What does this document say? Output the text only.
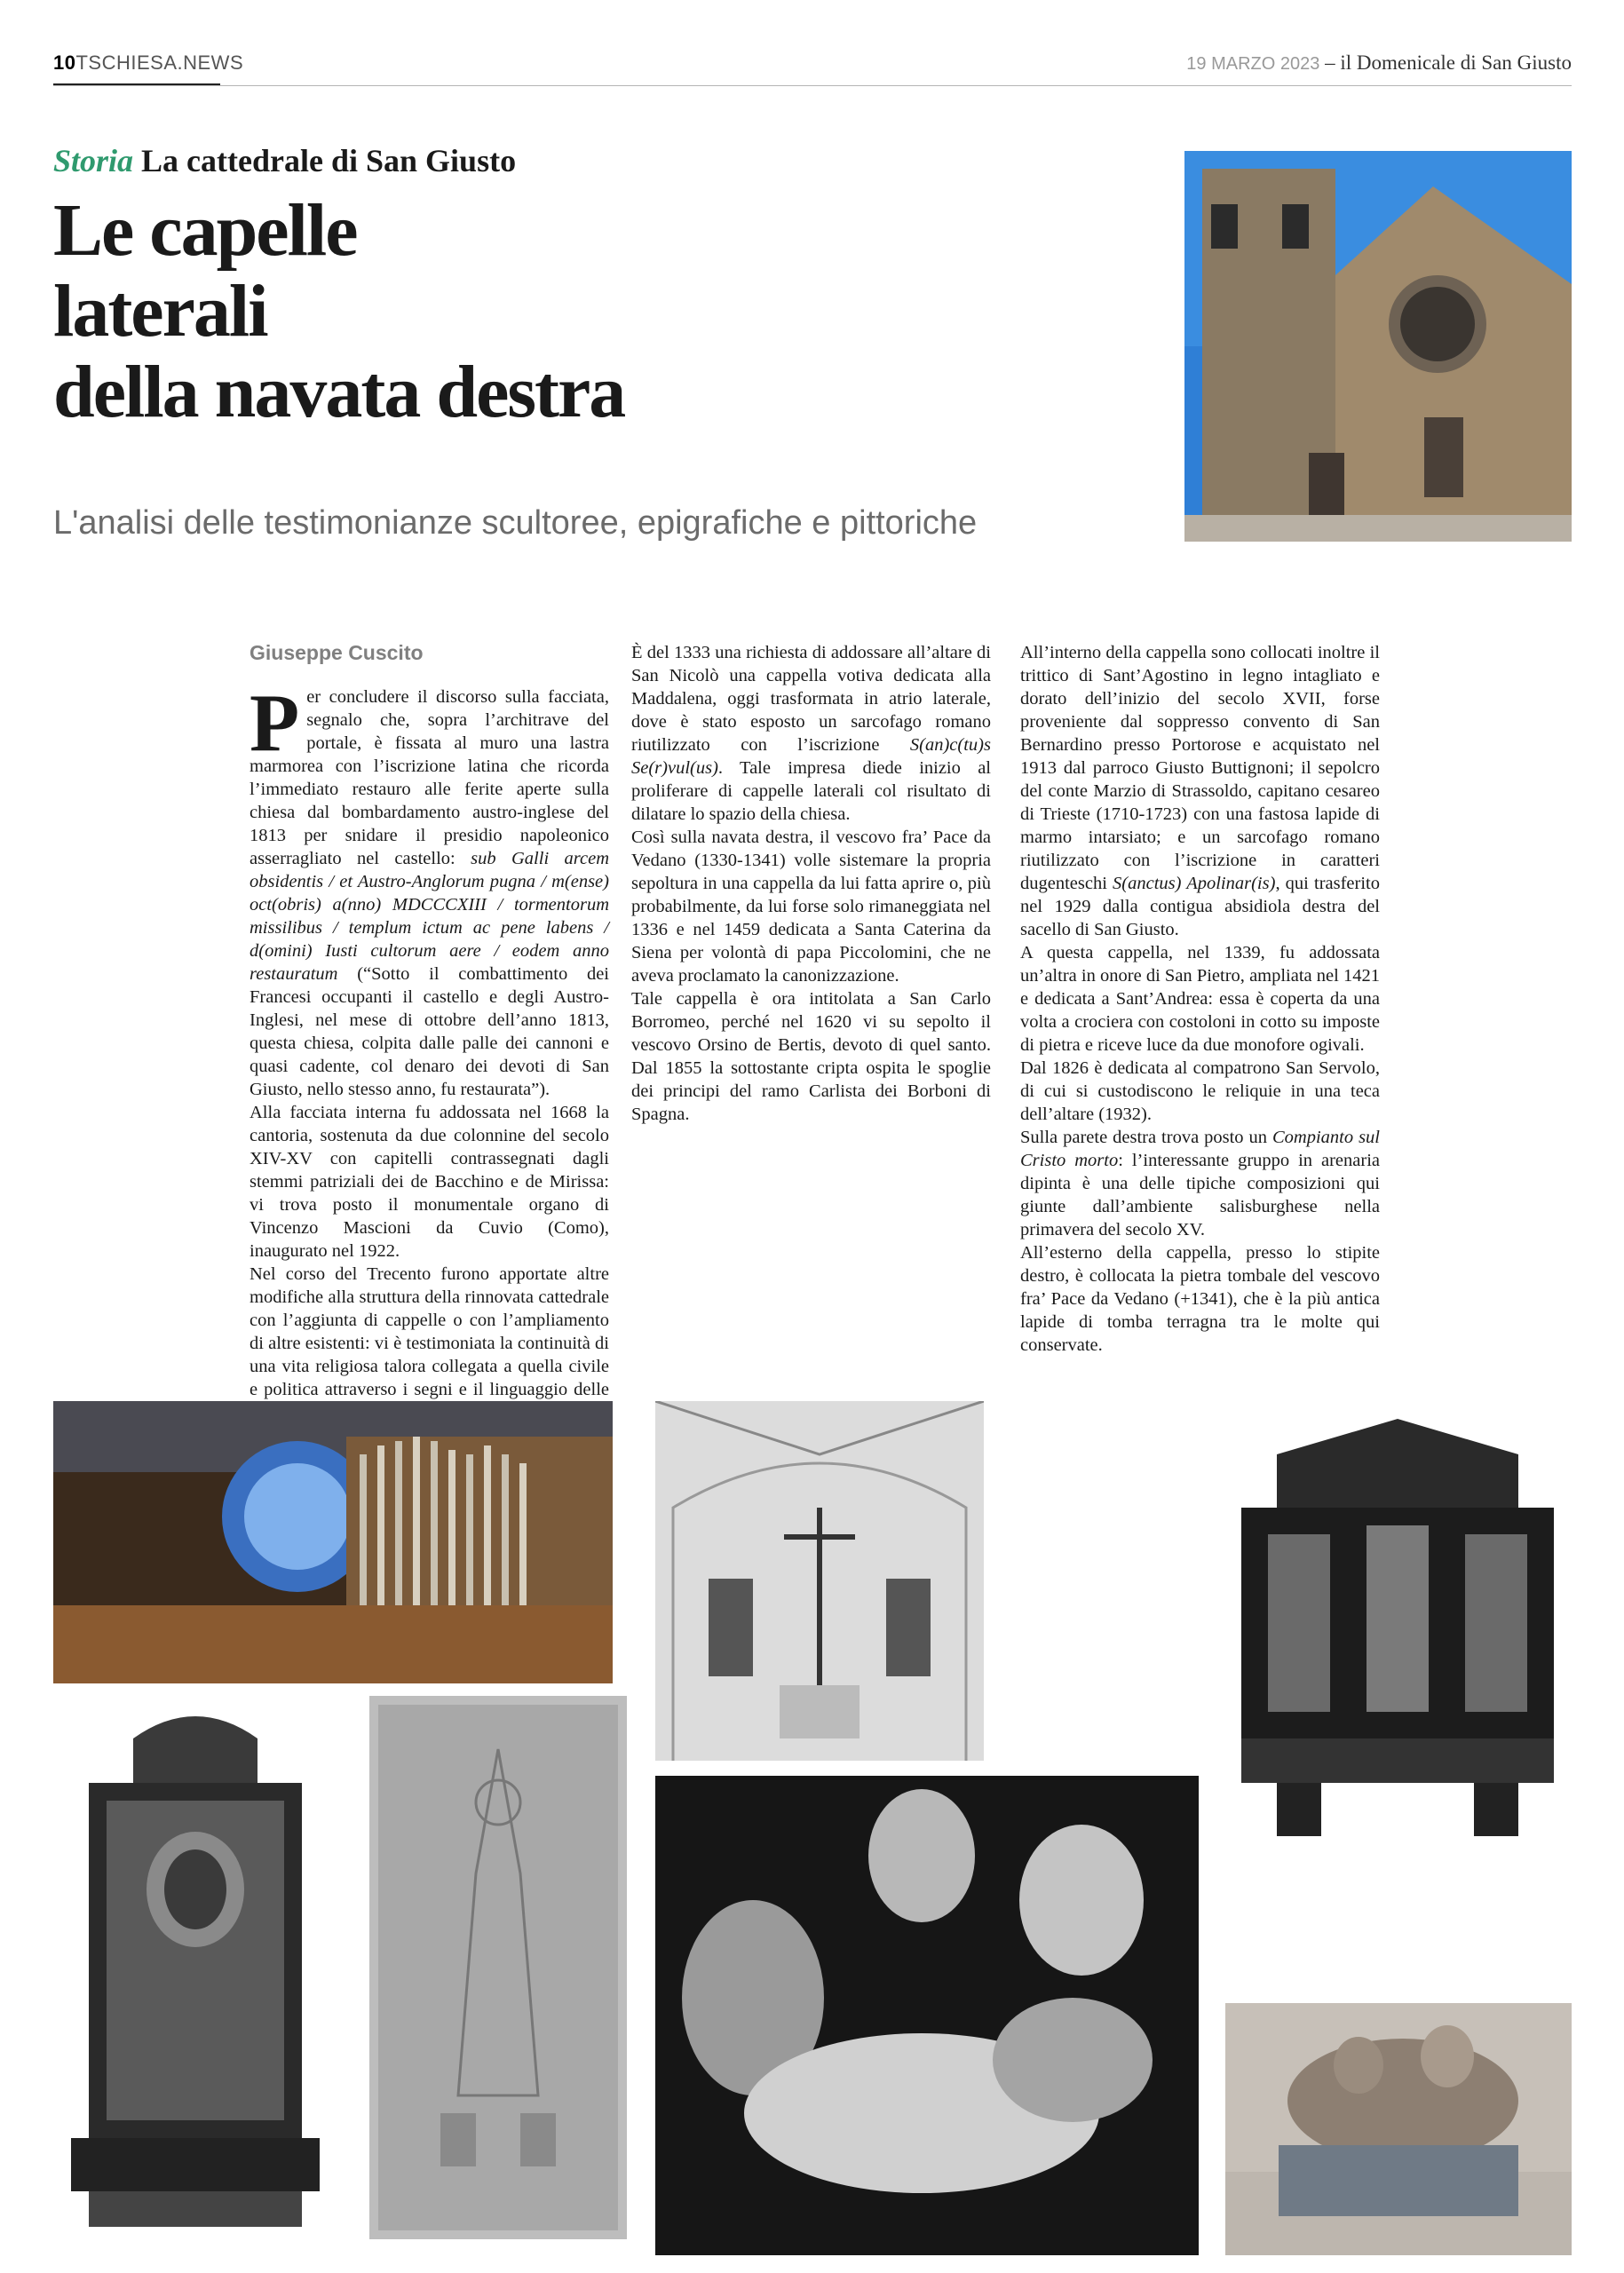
10TSCHIESA.NEWS	19 MARZO 2023 – il Domenicale di San Giusto
Storia La cattedrale di San Giusto
Le capelle
laterali
della navata destra

L'analisi delle testimonianze scultoree, epigrafiche e pittoriche

Giuseppe Cuscito

Per concludere il discorso sulla facciata, segnalo che, sopra l’architrave del portale, è fissata al muro una lastra marmorea con l’iscrizione latina che ricorda l’immediato restauro alle ferite aperte sulla chiesa dal bombardamento austro-inglese del 1813 per snidare il presidio napoleonico asserragliato nel castello: sub Galli arcem obsidentis / et Austro-Anglorum pugna / m(ense) oct(obris) a(nno) MDCCCXIII / tormentorum missilibus / templum ictum ac pene labens / d(omini) Iusti cultorum aere / eodem anno restauratum (“Sotto il combattimento dei Francesi occupanti il castello e degli Austro-Inglesi, nel mese di ottobre dell’anno 1813, questa chiesa, colpita dalle palle dei cannoni e quasi cadente, col denaro dei devoti di San Giusto, nello stesso anno, fu restaurata”).

Alla facciata interna fu addossata nel 1668 la cantoria, sostenuta da due colonnine del secolo XIV-XV con capitelli contrassegnati dagli stemmi patriziali dei de Bacchino e de Mirissa: vi trova posto il monumentale organo di Vincenzo Mascioni da Cuvio (Como), inaugurato nel 1922.

Nel corso del Trecento furono apportate altre modifiche alla struttura della rinnovata cattedrale con l’aggiunta di cappelle o con l’ampliamento di altre esistenti: vi è testimoniata la continuità di una vita religiosa talora collegata a quella civile e politica attraverso i segni e il linguaggio delle

È del 1333 una richiesta di addossare all’altare di San Nicolò una cappella votiva dedicata alla Maddalena, oggi trasformata in atrio laterale, dove è stato esposto un sarcofago romano riutilizzato con l’iscrizione S(an)c(tu)s Se(r)vul(us). Tale impresa diede inizio al proliferare di cappelle laterali col risultato di dilatare lo spazio della chiesa.

Così sulla navata destra, il vescovo fra’ Pace da Vedano (1330-1341) volle sistemare la propria sepoltura in una cappella da lui fatta aprire o, più probabilmente, da lui forse solo rimaneggiata nel 1336 e nel 1459 dedicata a Santa Caterina da Siena per volontà di papa Piccolomini, che ne aveva proclamato la canonizzazione.

Tale cappella è ora intitolata a San Carlo Borromeo, perché nel 1620 vi su sepolto il vescovo Orsino de Bertis, devoto di quel santo. Dal 1855 la sottostante cripta ospita le spoglie dei principi del ramo Carlista dei Borboni di Spagna.

All’interno della cappella sono collocati inoltre il trittico di Sant’Agostino in legno intagliato e dorato dell’inizio del secolo XVII, forse proveniente dal soppresso convento di San Bernardino presso Portorose e acquistato nel 1913 dal parroco Giusto Buttignoni; il sepolcro del conte Marzio di Strassoldo, capitano cesareo di Trieste (1710-1723) con una fastosa lapide di marmo intarsiato; e un sarcofago romano riutilizzato con l’iscrizione in caratteri dugenteschi S(anctus) Apolinar(is), qui trasferito nel 1929 dalla contigua absidiola destra del sacello di San Giusto.

A questa cappella, nel 1339, fu addossata un’altra in onore di San Pietro, ampliata nel 1421 e dedicata a Sant’Andrea: essa è coperta da una volta a crociera con costoloni in cotto su imposte di pietra e riceve luce da due monofore ogivali.

Dal 1826 è dedicata al compatrono San Servolo, di cui si custodiscono le reliquie in una teca dell’altare (1932).

Sulla parete destra trova posto un Compianto sul Cristo morto: l’interessante gruppo in arenaria dipinta è una delle tipiche composizioni qui giunte dall’ambiente salisburghese nella primavera del secolo XV.

All’esterno della cappella, presso lo stipite destro, è collocata la pietra tombale del vescovo fra’ Pace da Vedano (+1341), che è la più antica lapide di tomba terragna tra le molte qui conservate.
